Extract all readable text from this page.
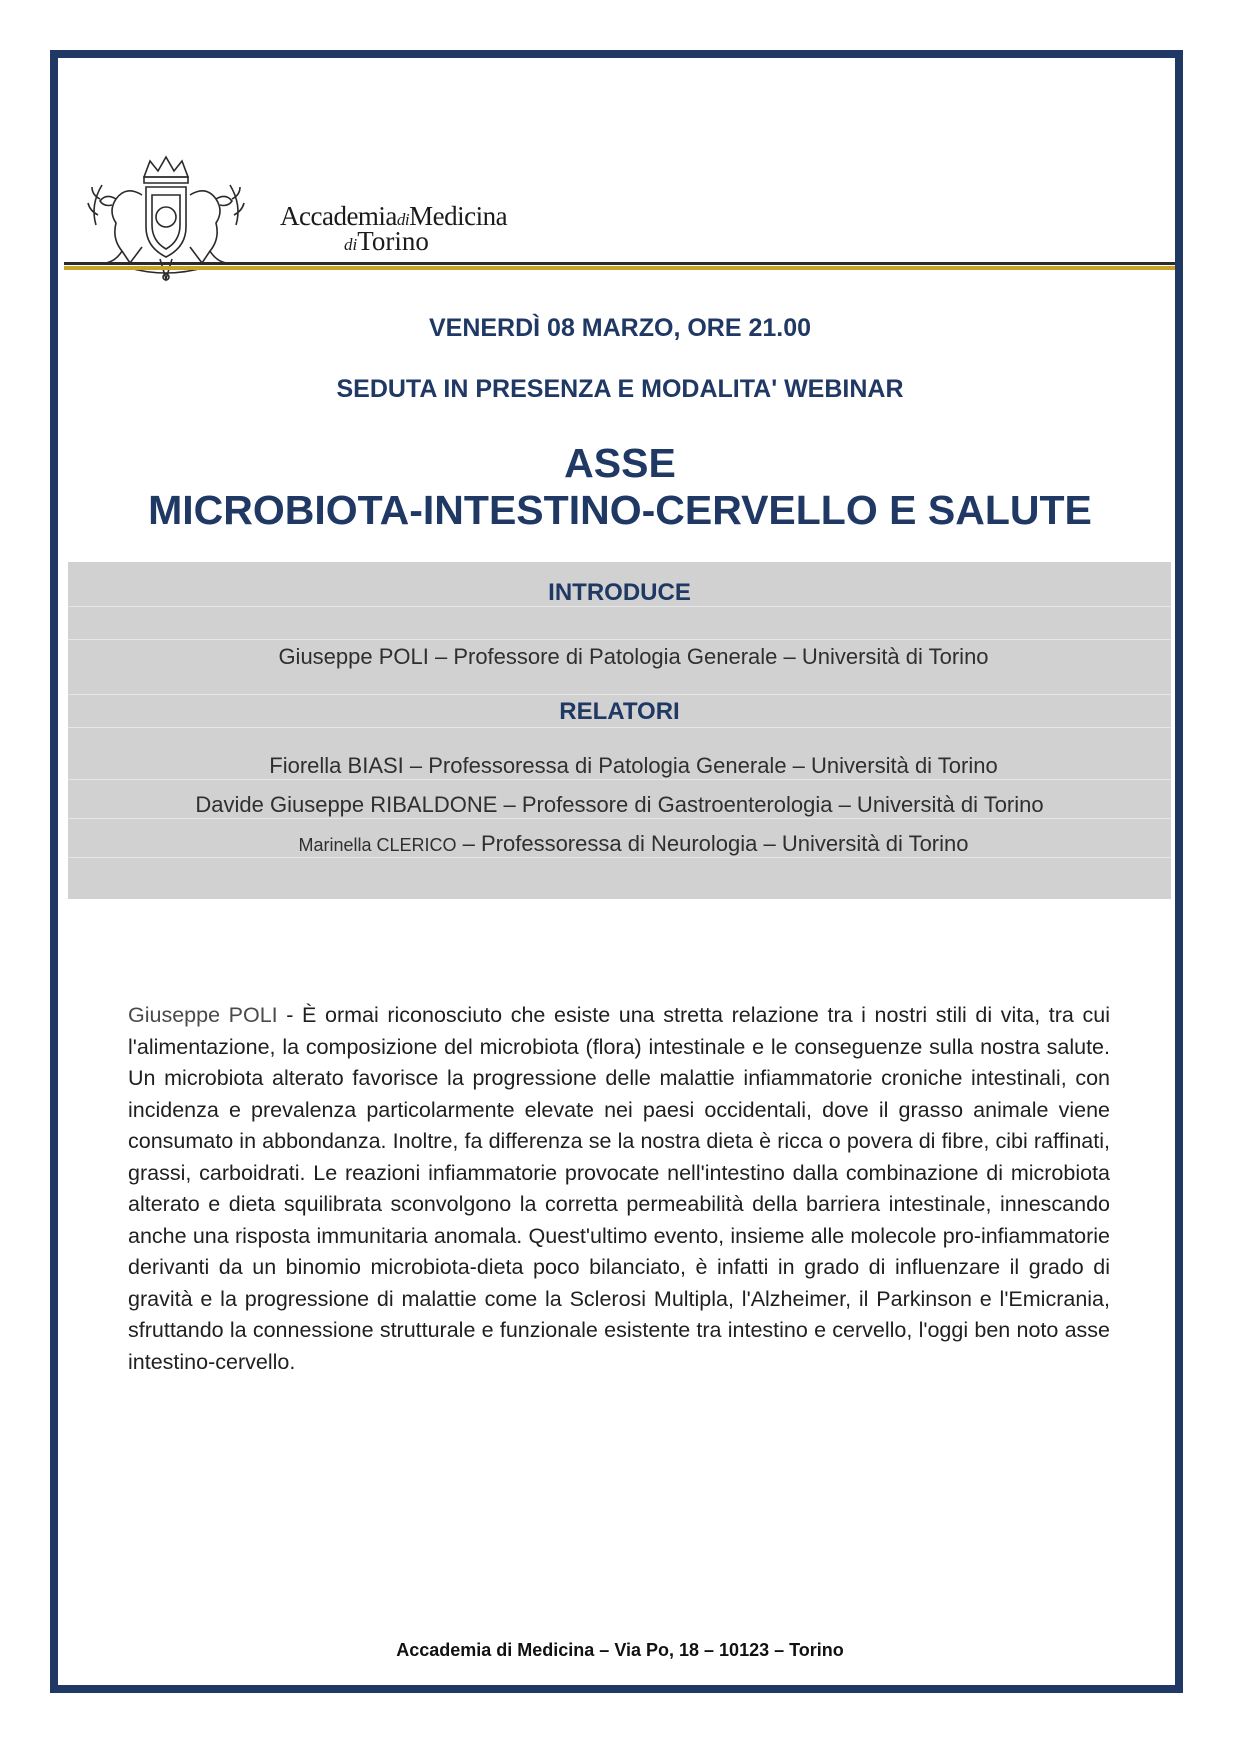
AccademiadiMedicina
diTorino
VENERDÌ 08 MARZO, ORE 21.00
SEDUTA IN PRESENZA E MODALITA' WEBINAR
ASSE
MICROBIOTA-INTESTINO-CERVELLO E SALUTE
INTRODUCE
Giuseppe POLI – Professore di Patologia Generale – Università di Torino
RELATORI
Fiorella BIASI – Professoressa di Patologia Generale – Università di Torino
Davide Giuseppe RIBALDONE – Professore di Gastroenterologia – Università di Torino
Marinella CLERICO – Professoressa di Neurologia – Università di Torino

Giuseppe POLI - È ormai riconosciuto che esiste una stretta relazione tra i nostri stili di vita, tra cui l'alimentazione, la composizione del microbiota (flora) intestinale e le conseguenze sulla nostra salute. Un microbiota alterato favorisce la progressione delle malattie infiammatorie croniche intestinali, con incidenza e prevalenza particolarmente elevate nei paesi occidentali, dove il grasso animale viene consumato in abbondanza. Inoltre, fa differenza se la nostra dieta è ricca o povera di fibre, cibi raffinati, grassi, carboidrati. Le reazioni infiammatorie provocate nell'intestino dalla combinazione di microbiota alterato e dieta squilibrata sconvolgono la corretta permeabilità della barriera intestinale, innescando anche una risposta immunitaria anomala. Quest'ultimo evento, insieme alle molecole pro-infiammatorie derivanti da un binomio microbiota-dieta poco bilanciato, è infatti in grado di influenzare il grado di gravità e la progressione di malattie come la Sclerosi Multipla, l'Alzheimer, il Parkinson e l'Emicrania, sfruttando la connessione strutturale e funzionale esistente tra intestino e cervello, l'oggi ben noto asse intestino-cervello.

Accademia di Medicina – Via Po, 18 – 10123 – Torino
